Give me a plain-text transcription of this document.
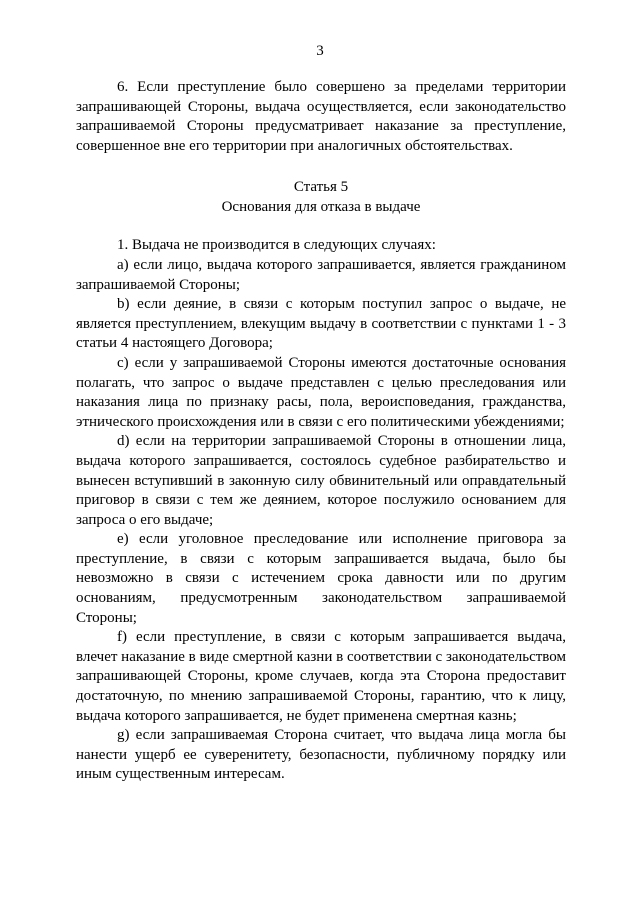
3

6. Если преступление было совершено за пределами территории запрашивающей Стороны, выдача осуществляется, если законодательство запрашиваемой Стороны предусматривает наказание за преступление, совершенное вне его территории при аналогичных обстоятельствах.

Статья 5
Основания для отказа в выдаче

1. Выдача не производится в следующих случаях:

a) если лицо, выдача которого запрашивается, является гражданином запрашиваемой Стороны;

b) если деяние, в связи с которым поступил запрос о выдаче, не является преступлением, влекущим выдачу в соответствии с пунктами 1 - 3 статьи 4 настоящего Договора;

c) если у запрашиваемой Стороны имеются достаточные основания полагать, что запрос о выдаче представлен с целью преследования или наказания лица по признаку расы, пола, вероисповедания, гражданства, этнического происхождения или в связи с его политическими убеждениями;

d) если на территории запрашиваемой Стороны в отношении лица, выдача которого запрашивается, состоялось судебное разбирательство и вынесен вступивший в законную силу обвинительный или оправдательный приговор в связи с тем же деянием, которое послужило основанием для запроса о его выдаче;

e) если уголовное преследование или исполнение приговора за преступление, в связи с которым запрашивается выдача, было бы невозможно в связи с истечением срока давности или по другим основаниям, предусмотренным законодательством запрашиваемой Стороны;

f) если преступление, в связи с которым запрашивается выдача, влечет наказание в виде смертной казни в соответствии с законодательством запрашивающей Стороны, кроме случаев, когда эта Сторона предоставит достаточную, по мнению запрашиваемой Стороны, гарантию, что к лицу, выдача которого запрашивается, не будет применена смертная казнь;

g) если запрашиваемая Сторона считает, что выдача лица могла бы нанести ущерб ее суверенитету, безопасности, публичному порядку или иным существенным интересам.
